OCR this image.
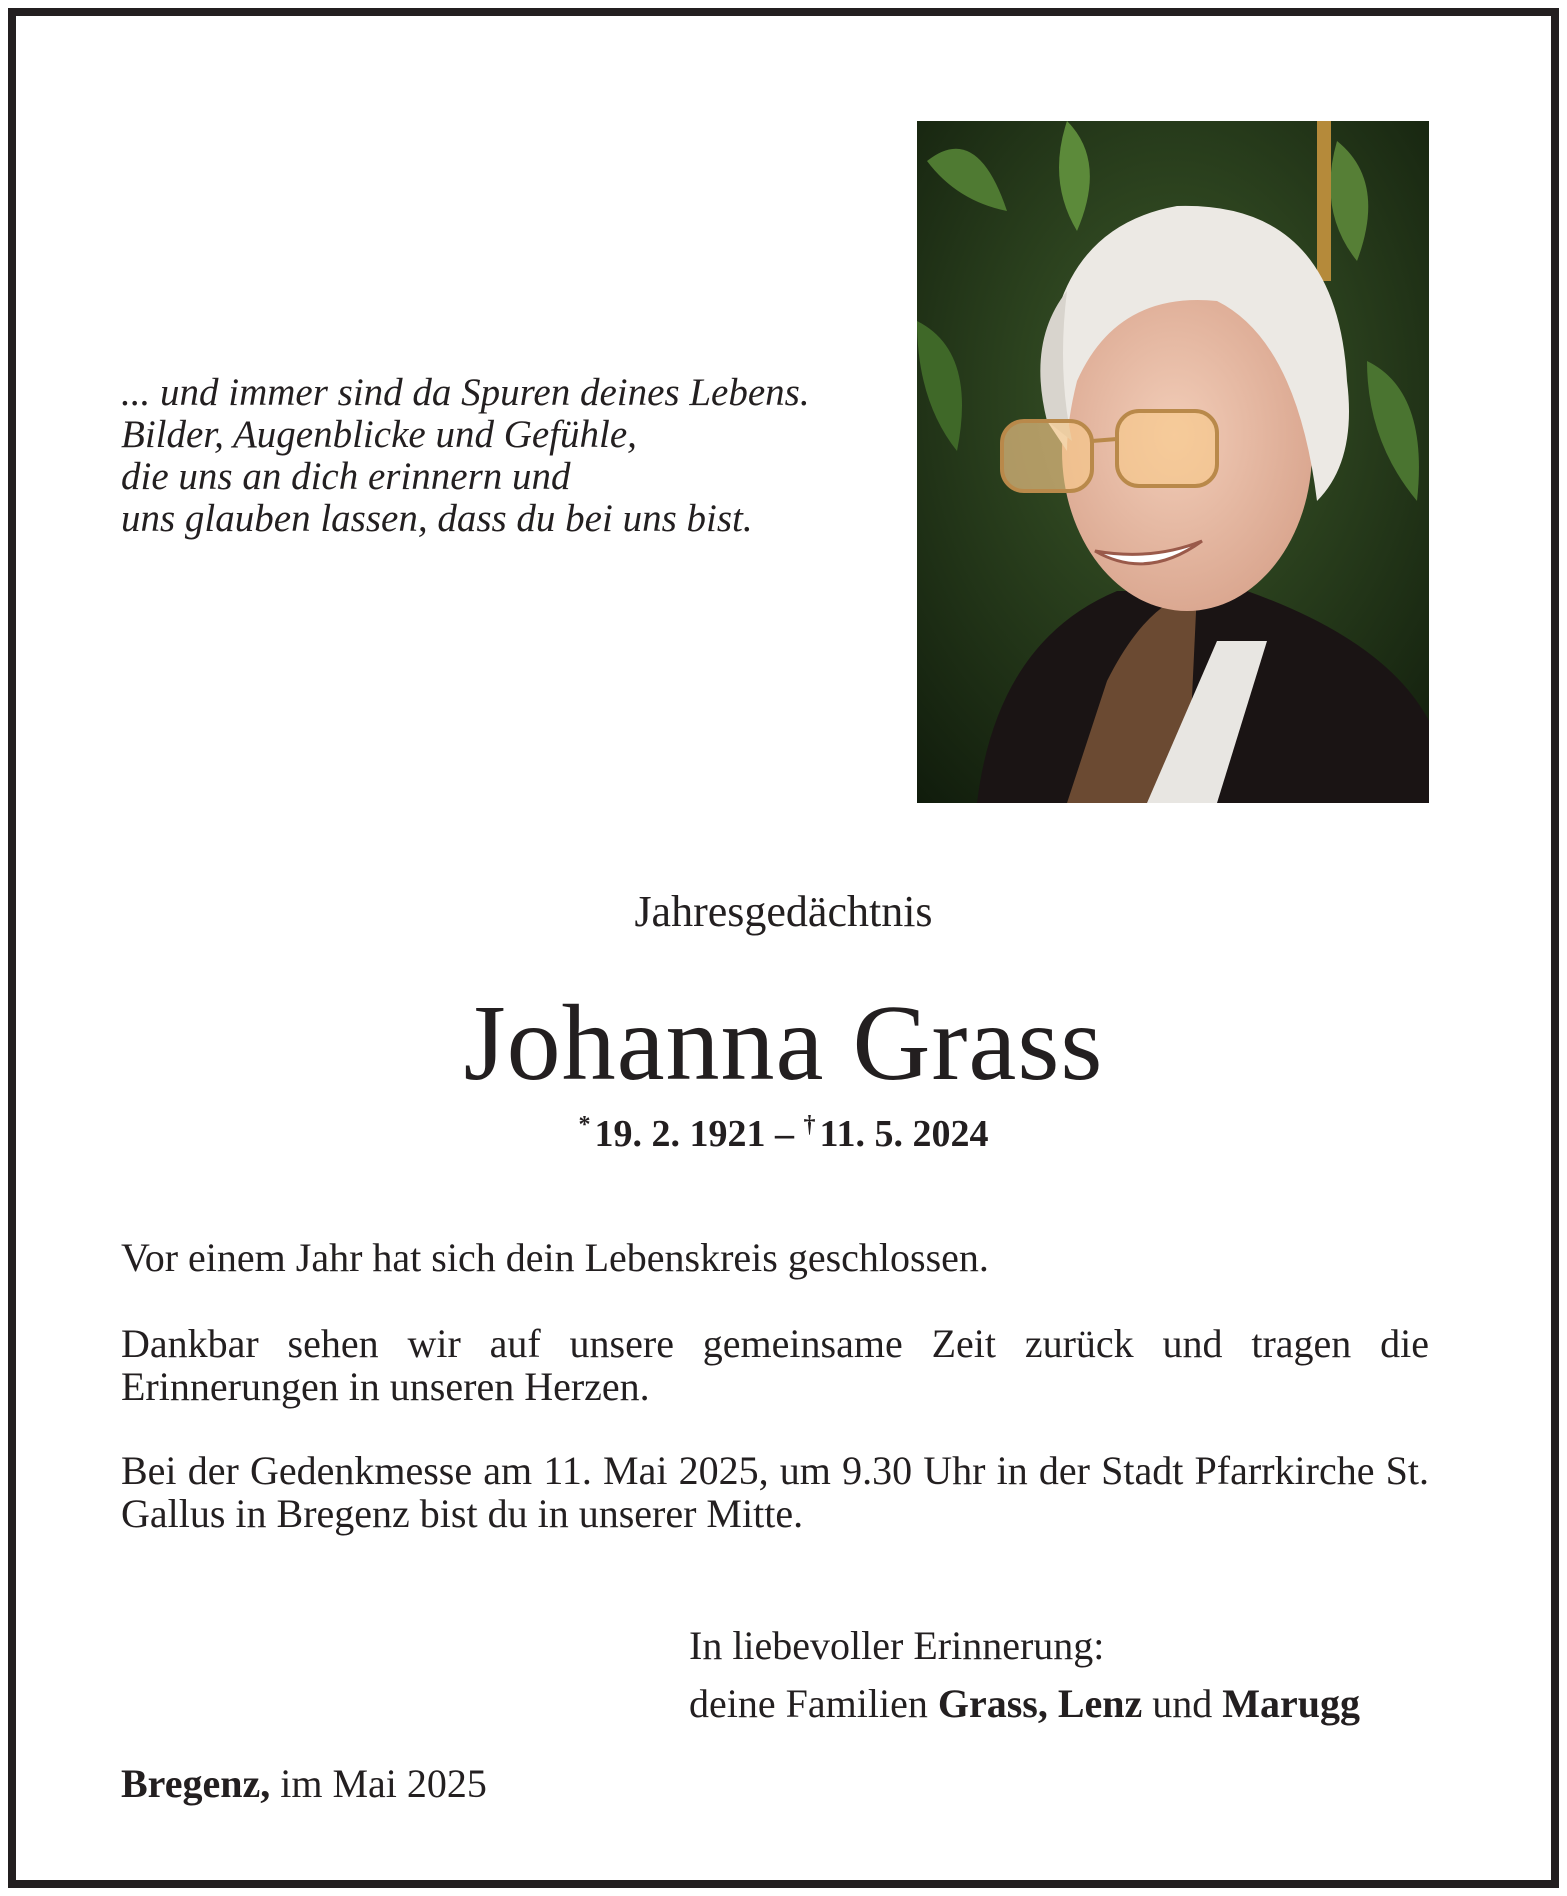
... und immer sind da Spuren deines Lebens.
Bilder, Augenblicke und Gefühle,
die uns an dich erinnern und
uns glauben lassen, dass du bei uns bist.
Jahresgedächtnis
Johanna Grass
* 19. 2. 1921 – † 11. 5. 2024
Vor einem Jahr hat sich dein Lebenskreis geschlossen.
Dankbar sehen wir auf unsere gemeinsame Zeit zurück und tragen die Erinnerungen in unseren Herzen.
Bei der Gedenkmesse am 11. Mai 2025, um 9.30 Uhr in der Stadt Pfarrkirche St. Gallus in Bregenz bist du in unserer Mitte.
In liebevoller Erinnerung:
deine Familien Grass, Lenz und Marugg
Bregenz, im Mai 2025
